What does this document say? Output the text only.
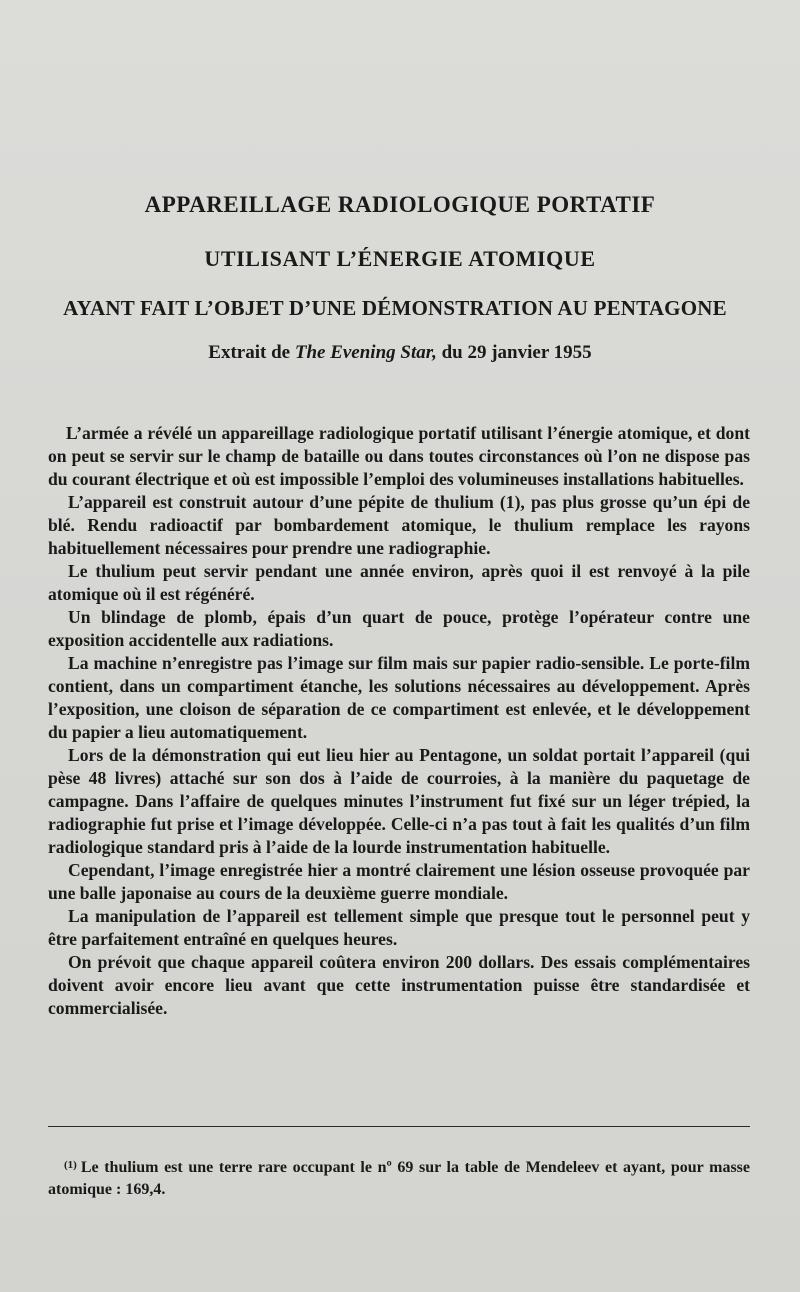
APPAREILLAGE RADIOLOGIQUE PORTATIF
UTILISANT L’ÉNERGIE ATOMIQUE
AYANT FAIT L’OBJET D’UNE DÉMONSTRATION AU PENTAGONE
Extrait de The Evening Star, du 29 janvier 1955

L’armée a révélé un appareillage radiologique portatif utilisant l’énergie atomique, et dont on peut se servir sur le champ de bataille ou dans toutes circonstances où l’on ne dispose pas du courant électrique et où est impossible l’emploi des volumineuses installations habituelles.

L’appareil est construit autour d’une pépite de thulium (1), pas plus grosse qu’un épi de blé. Rendu radioactif par bombardement atomique, le thulium remplace les rayons habituellement nécessaires pour prendre une radiographie.

Le thulium peut servir pendant une année environ, après quoi il est renvoyé à la pile atomique où il est régénéré.

Un blindage de plomb, épais d’un quart de pouce, protège l’opérateur contre une exposition accidentelle aux radiations.

La machine n’enregistre pas l’image sur film mais sur papier radio-sensible. Le porte-film contient, dans un compartiment étanche, les solutions nécessaires au développement. Après l’exposition, une cloison de séparation de ce compartiment est enlevée, et le développement du papier a lieu automatiquement.

Lors de la démonstration qui eut lieu hier au Pentagone, un soldat portait l’appareil (qui pèse 48 livres) attaché sur son dos à l’aide de courroies, à la manière du paquetage de campagne. Dans l’affaire de quelques minutes l’instrument fut fixé sur un léger trépied, la radiographie fut prise et l’image développée. Celle-ci n’a pas tout à fait les qualités d’un film radiologique standard pris à l’aide de la lourde instrumentation habituelle.

Cependant, l’image enregistrée hier a montré clairement une lésion osseuse provoquée par une balle japonaise au cours de la deuxième guerre mondiale.

La manipulation de l’appareil est tellement simple que presque tout le personnel peut y être parfaitement entraîné en quelques heures.

On prévoit que chaque appareil coûtera environ 200 dollars. Des essais complémentaires doivent avoir encore lieu avant que cette instrumentation puisse être standardisée et commercialisée.

$^{(1)}$ Le thulium est une terre rare occupant le nº 69 sur la table de Mendeleev et ayant, pour masse atomique : 169,4.
